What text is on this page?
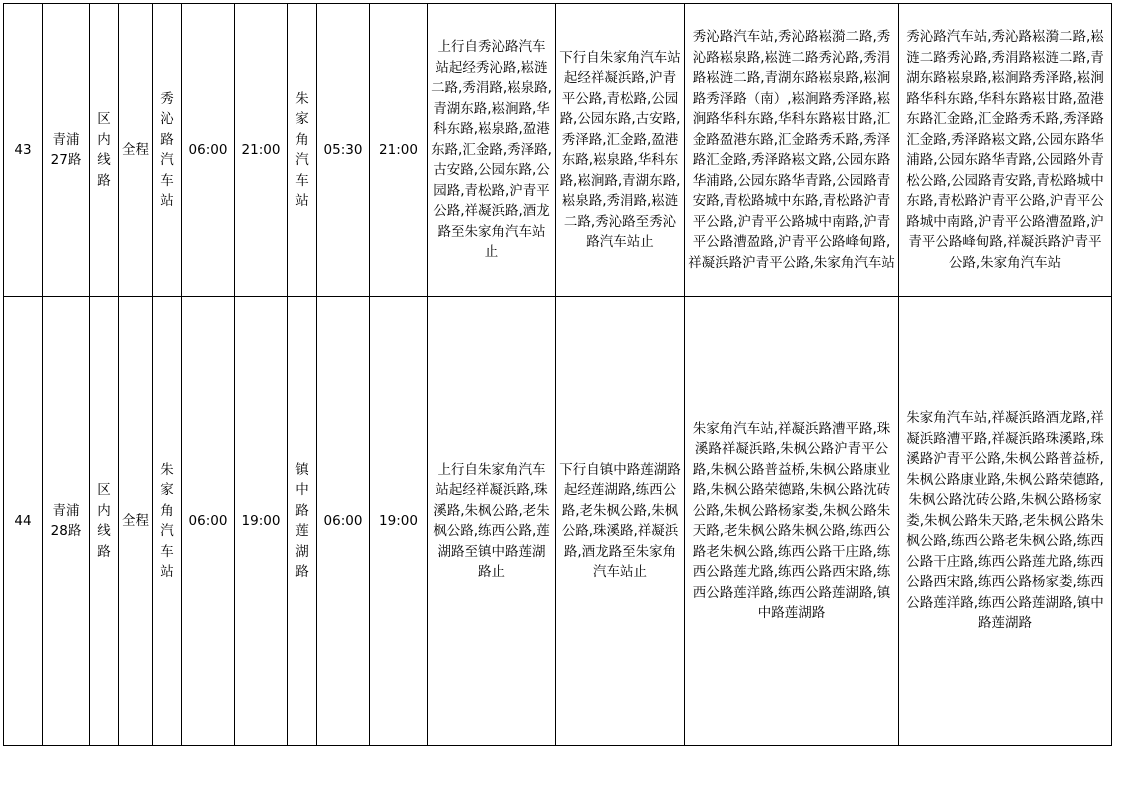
43	青浦27路	区内线路	全程	秀沁路汽车站	06:00	21:00	朱家角汽车站	05:30	21:00	上行自秀沁路汽车站起经秀沁路,崧涟二路,秀涓路,崧泉路,青湖东路,崧涧路,华科东路,崧泉路,盈港东路,汇金路,秀泽路,古安路,公园东路,公园路,青松路,沪青平公路,祥凝浜路,酒龙路至朱家角汽车站止	下行自朱家角汽车站起经祥凝浜路,沪青平公路,青松路,公园路,公园东路,古安路,秀泽路,汇金路,盈港东路,崧泉路,华科东路,崧涧路,青湖东路,崧泉路,秀涓路,崧涟二路,秀沁路至秀沁路汽车站止	秀沁路汽车站,秀沁路崧漪二路,秀沁路崧泉路,崧涟二路秀沁路,秀涓路崧涟二路,青湖东路崧泉路,崧涧路秀泽路（南）,崧涧路秀泽路,崧涧路华科东路,华科东路崧甘路,汇金路盈港东路,汇金路秀禾路,秀泽路汇金路,秀泽路崧文路,公园东路华浦路,公园东路华青路,公园路青安路,青松路城中东路,青松路沪青平公路,沪青平公路城中南路,沪青平公路漕盈路,沪青平公路峰甸路,祥凝浜路沪青平公路,朱家角汽车站	秀沁路汽车站,秀沁路崧漪二路,崧涟二路秀沁路,秀涓路崧涟二路,青湖东路崧泉路,崧涧路秀泽路,崧涧路华科东路,华科东路崧甘路,盈港东路汇金路,汇金路秀禾路,秀泽路汇金路,秀泽路崧文路,公园东路华浦路,公园东路华青路,公园路外青松公路,公园路青安路,青松路城中东路,青松路沪青平公路,沪青平公路城中南路,沪青平公路漕盈路,沪青平公路峰甸路,祥凝浜路沪青平公路,朱家角汽车站
44	青浦28路	区内线路	全程	朱家角汽车站	06:00	19:00	镇中路莲湖路	06:00	19:00	上行自朱家角汽车站起经祥凝浜路,珠溪路,朱枫公路,老朱枫公路,练西公路,莲湖路至镇中路莲湖路止	下行自镇中路莲湖路起经莲湖路,练西公路,老朱枫公路,朱枫公路,珠溪路,祥凝浜路,酒龙路至朱家角汽车站止	朱家角汽车站,祥凝浜路漕平路,珠溪路祥凝浜路,朱枫公路沪青平公路,朱枫公路普益桥,朱枫公路康业路,朱枫公路荣德路,朱枫公路沈砖公路,朱枫公路杨家娄,朱枫公路朱天路,老朱枫公路朱枫公路,练西公路老朱枫公路,练西公路干庄路,练西公路莲尤路,练西公路西宋路,练西公路莲洋路,练西公路莲湖路,镇中路莲湖路	朱家角汽车站,祥凝浜路酒龙路,祥凝浜路漕平路,祥凝浜路珠溪路,珠溪路沪青平公路,朱枫公路普益桥,朱枫公路康业路,朱枫公路荣德路,朱枫公路沈砖公路,朱枫公路杨家娄,朱枫公路朱天路,老朱枫公路朱枫公路,练西公路老朱枫公路,练西公路干庄路,练西公路莲尤路,练西公路西宋路,练西公路杨家娄,练西公路莲洋路,练西公路莲湖路,镇中路莲湖路
